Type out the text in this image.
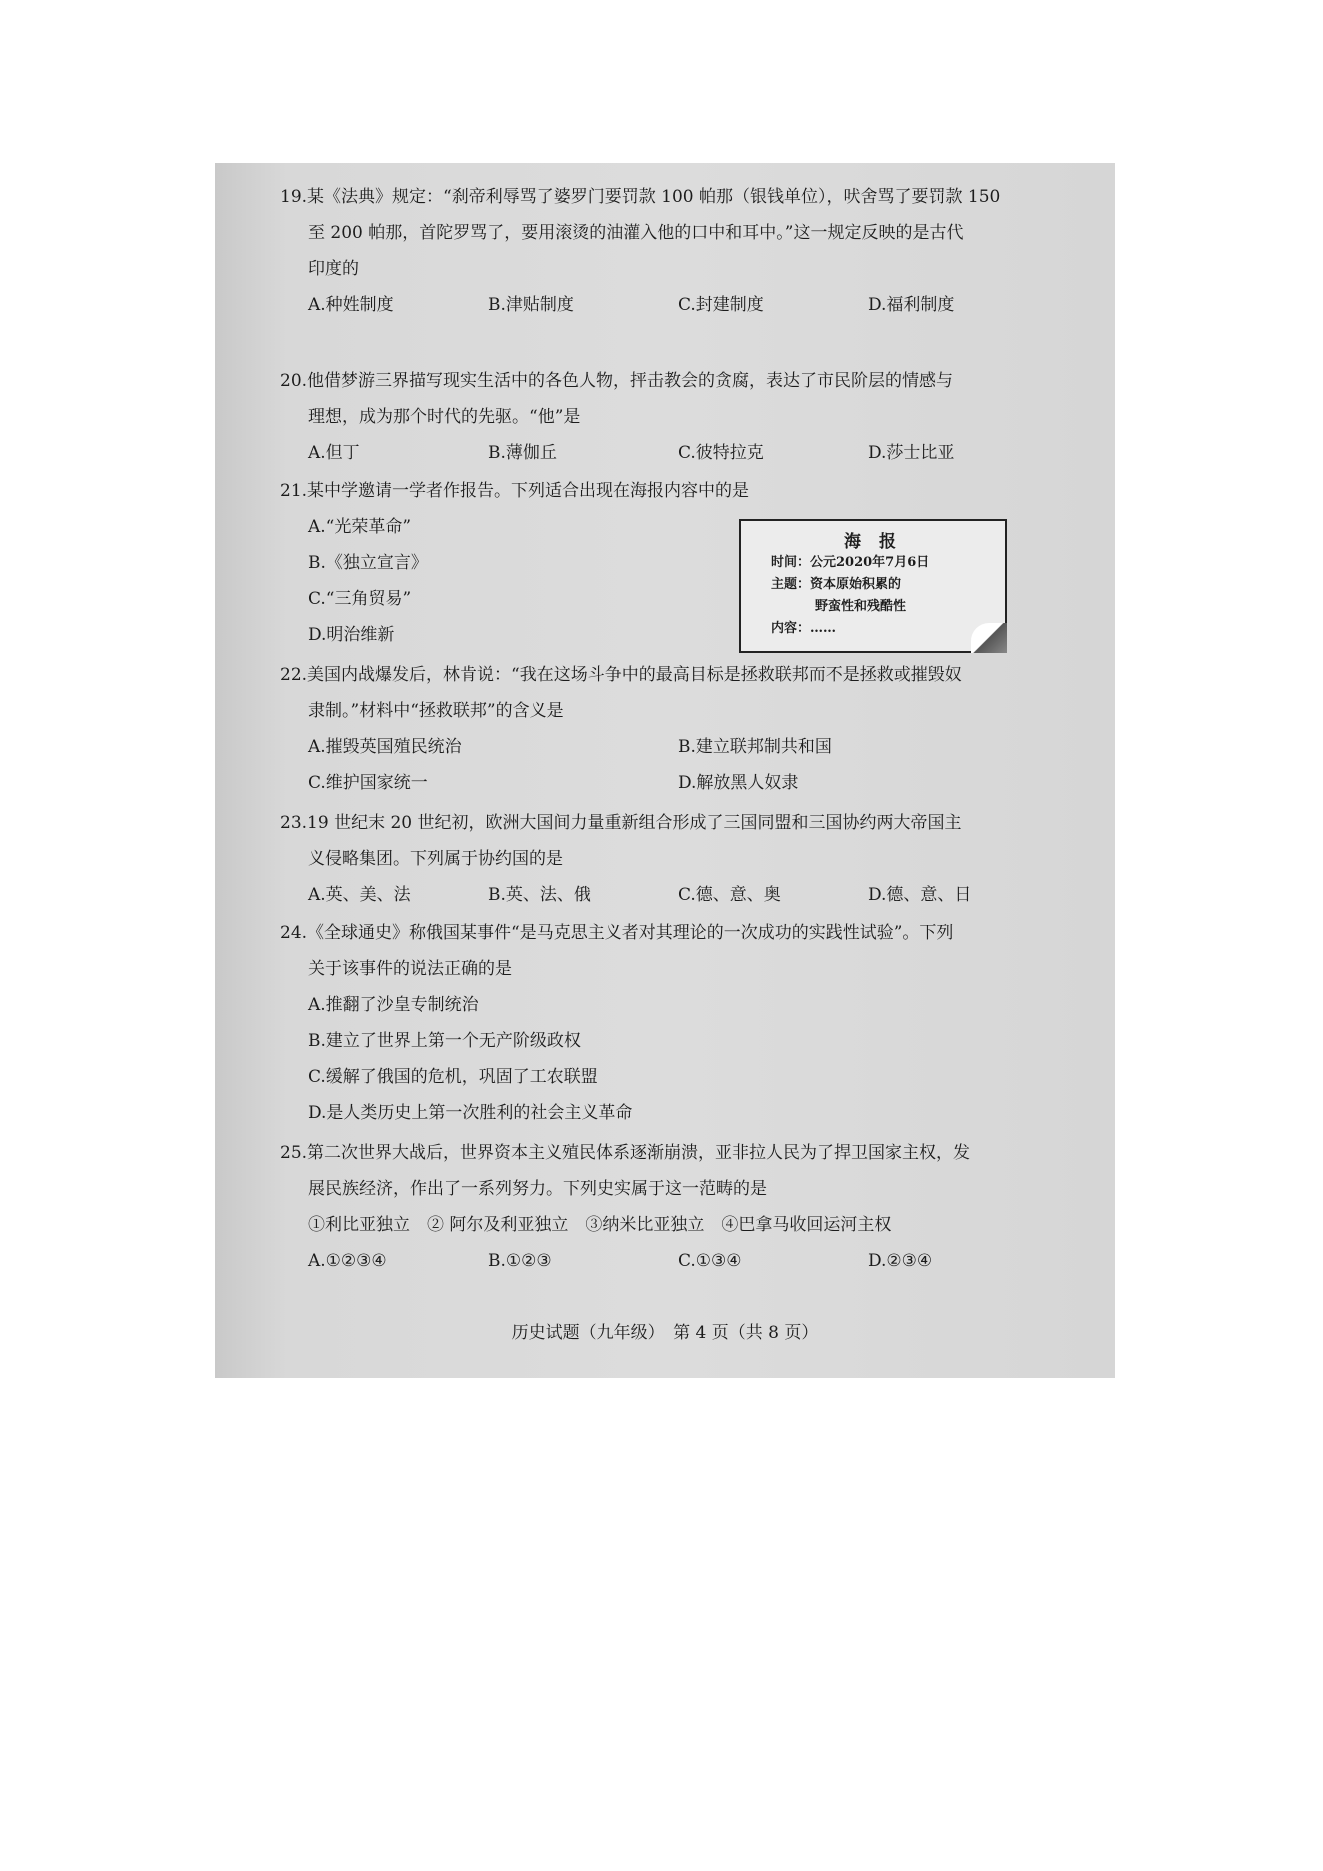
19.某《法典》规定：“刹帝利辱骂了婆罗门要罚款 100 帕那（银钱单位），吠舍骂了要罚款 150
至 200 帕那，首陀罗骂了，要用滚烫的油灌入他的口中和耳中。”这一规定反映的是古代
印度的
A.种姓制度	B.津贴制度	C.封建制度	D.福利制度
20.他借梦游三界描写现实生活中的各色人物，抨击教会的贪腐，表达了市民阶层的情感与
理想，成为那个时代的先驱。“他”是
A.但丁	B.薄伽丘	C.彼特拉克	D.莎士比亚
21.某中学邀请一学者作报告。下列适合出现在海报内容中的是
A.“光荣革命”
B.《独立宣言》
C.“三角贸易”
D.明治维新
海 报
时间：公元2020年7月6日
主题：资本原始积累的
野蛮性和残酷性
内容：……
22.美国内战爆发后，林肯说：“我在这场斗争中的最高目标是拯救联邦而不是拯救或摧毁奴
隶制。”材料中“拯救联邦”的含义是
A.摧毁英国殖民统治	B.建立联邦制共和国
C.维护国家统一	D.解放黑人奴隶
23.19 世纪末 20 世纪初，欧洲大国间力量重新组合形成了三国同盟和三国协约两大帝国主
义侵略集团。下列属于协约国的是
A.英、美、法	B.英、法、俄	C.德、意、奥	D.德、意、日
24.《全球通史》称俄国某事件“是马克思主义者对其理论的一次成功的实践性试验”。下列
关于该事件的说法正确的是
A.推翻了沙皇专制统治
B.建立了世界上第一个无产阶级政权
C.缓解了俄国的危机，巩固了工农联盟
D.是人类历史上第一次胜利的社会主义革命
25.第二次世界大战后，世界资本主义殖民体系逐渐崩溃，亚非拉人民为了捍卫国家主权，发
展民族经济，作出了一系列努力。下列史实属于这一范畴的是
①利比亚独立　② 阿尔及利亚独立　③纳米比亚独立　④巴拿马收回运河主权
A.①②③④	B.①②③	C.①③④	D.②③④
历史试题（九年级）　第 4 页（共 8 页）
